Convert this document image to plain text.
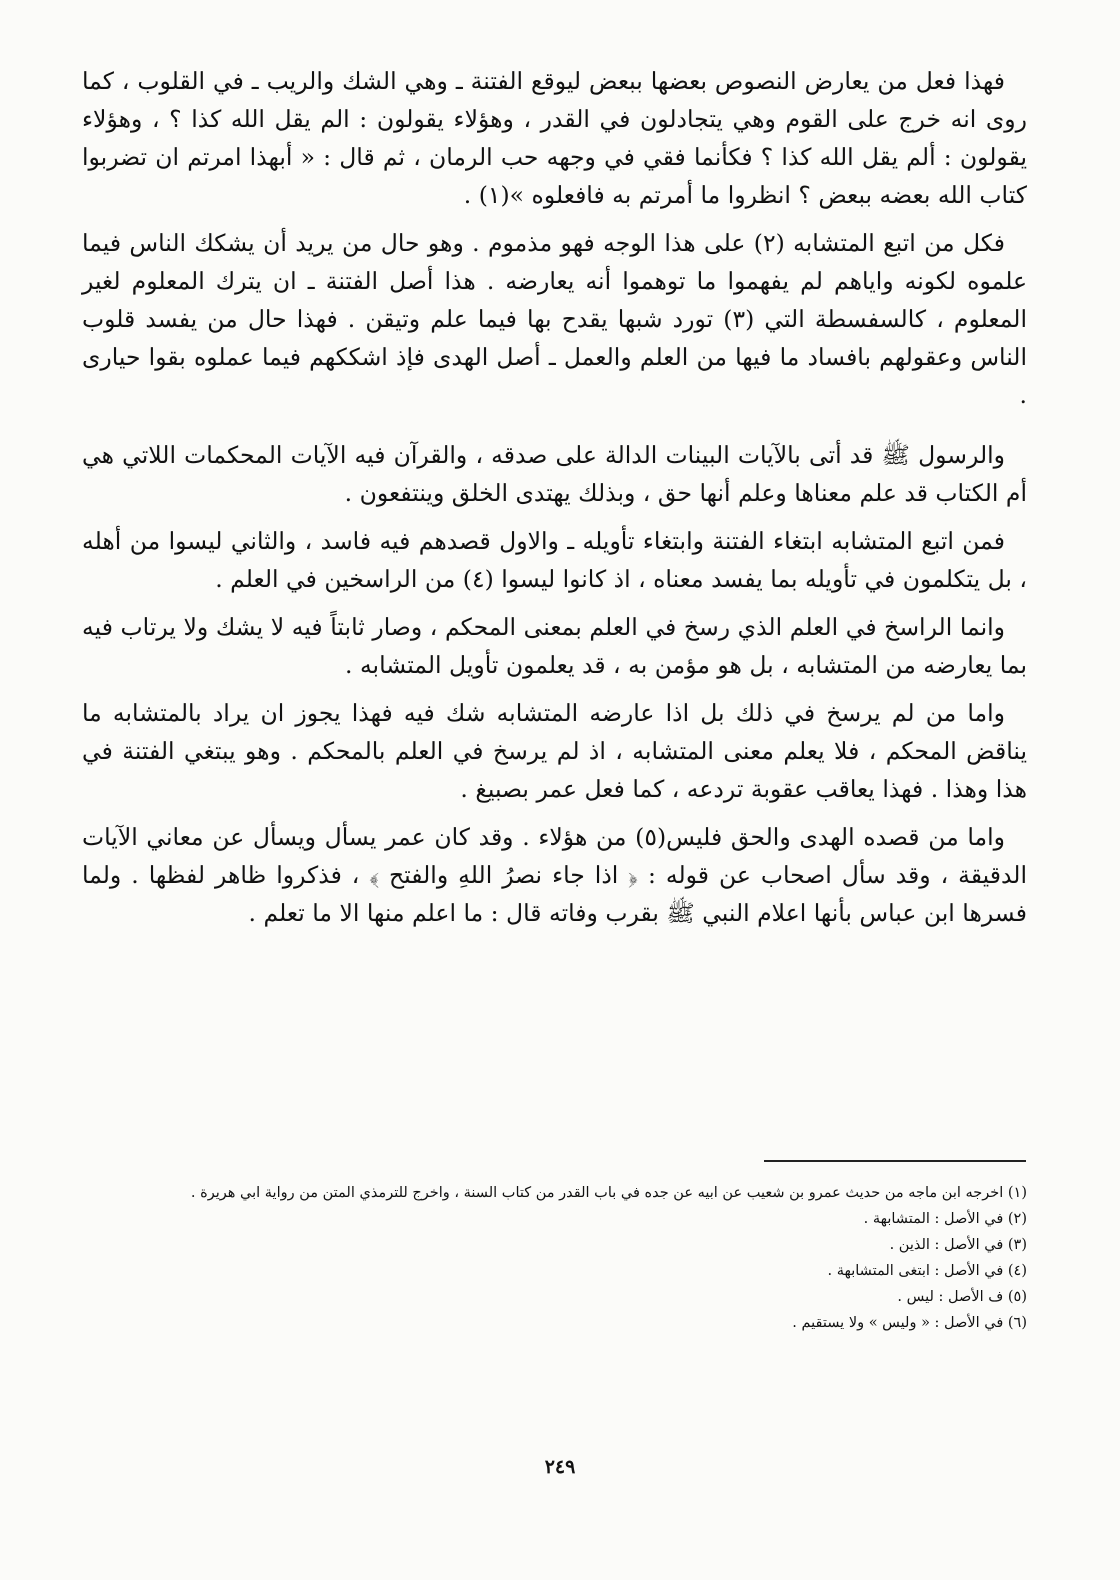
فهذا فعل من يعارض النصوص بعضها ببعض ليوقع الفتنة ـ وهي الشك والريب ـ في القلوب ، كما روى انه خرج على القوم وهي يتجادلون في القدر ، وهؤلاء يقولون : الم يقل الله كذا ؟ ، وهؤلاء يقولون : ألم يقل الله كذا ؟ فكأنما فقي في وجهه حب الرمان ، ثم قال : « أبهذا امرتم ان تضربوا كتاب الله بعضه ببعض ؟ انظروا ما أمرتم به فافعلوه »(١) .

فكل من اتبع المتشابه (٢) على هذا الوجه فهو مذموم . وهو حال من يريد أن يشكك الناس فيما علموه لكونه واياهم لم يفهموا ما توهموا أنه يعارضه . هذا أصل الفتنة ـ ان يترك المعلوم لغير المعلوم ، كالسفسطة التي (٣) تورد شبها يقدح بها فيما علم وتيقن . فهذا حال من يفسد قلوب الناس وعقولهم بافساد ما فيها من العلم والعمل ـ أصل الهدى فإذ اشككهم فيما عملوه بقوا حيارى .

والرسول ﷺ قد أتى بالآيات البينات الدالة على صدقه ، والقرآن فيه الآيات المحكمات اللاتي هي أم الكتاب قد علم معناها وعلم أنها حق ، وبذلك يهتدى الخلق وينتفعون .

فمن اتبع المتشابه ابتغاء الفتنة وابتغاء تأويله ـ والاول قصدهم فيه فاسد ، والثاني ليسوا من أهله ، بل يتكلمون في تأويله بما يفسد معناه ، اذ كانوا ليسوا (٤) من الراسخين في العلم .

وانما الراسخ في العلم الذي رسخ في العلم بمعنى المحكم ، وصار ثابتاً فيه لا يشك ولا يرتاب فيه بما يعارضه من المتشابه ، بل هو مؤمن به ، قد يعلمون تأويل المتشابه .

واما من لم يرسخ في ذلك بل اذا عارضه المتشابه شك فيه فهذا يجوز ان يراد بالمتشابه ما يناقض المحكم ، فلا يعلم معنى المتشابه ، اذ لم يرسخ في العلم بالمحكم . وهو يبتغي الفتنة في هذا وهذا . فهذا يعاقب عقوبة تردعه ، كما فعل عمر بصبيغ .

واما من قصده الهدى والحق فليس(٥) من هؤلاء . وقد كان عمر يسأل ويسأل عن معاني الآيات الدقيقة ، وقد سأل اصحاب عن قوله : ﴿ اذا جاء نصرُ اللهِ والفتح ﴾ ، فذكروا ظاهر لفظها . ولما فسرها ابن عباس بأنها اعلام النبي ﷺ بقرب وفاته قال : ما اعلم منها الا ما تعلم .

(١) اخرجه ابن ماجه من حديث عمرو بن شعيب عن ابيه عن جده في باب القدر من كتاب السنة ، واخرج للترمذي المتن من رواية ابي هريرة .

(٢) في الأصل : المتشابهة .

(٣) في الأصل : الذين .

(٤) في الأصل : ابتغى المتشابهة .

(٥) ف الأصل : ليس .

(٦) في الأصل : « وليس » ولا يستقيم .

٢٤٩
